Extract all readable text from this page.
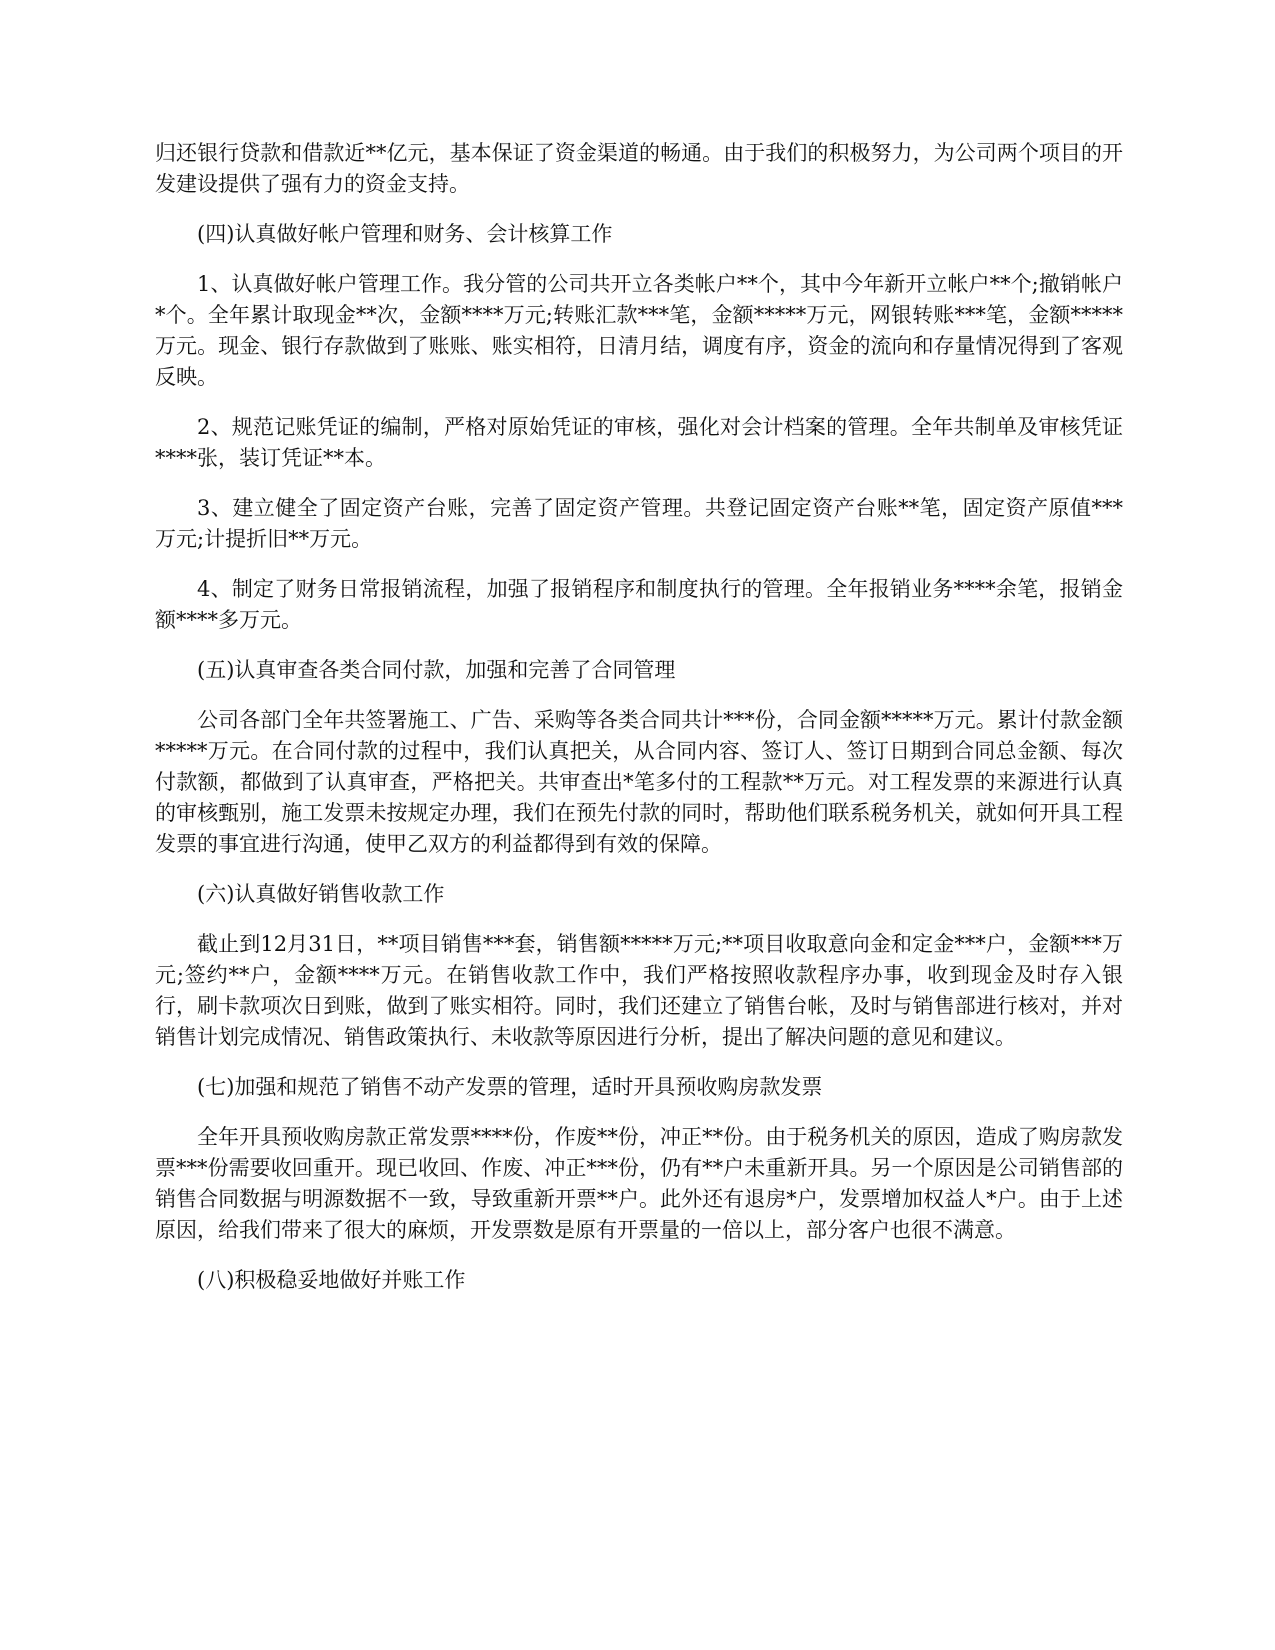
归还银行贷款和借款近**亿元，基本保证了资金渠道的畅通。由于我们的积极努力，为公司两个项目的开发建设提供了强有力的资金支持。

(四)认真做好帐户管理和财务、会计核算工作

1、认真做好帐户管理工作。我分管的公司共开立各类帐户**个，其中今年新开立帐户**个;撤销帐户*个。全年累计取现金**次，金额****万元;转账汇款***笔，金额*****万元，网银转账***笔，金额*****万元。现金、银行存款做到了账账、账实相符，日清月结，调度有序，资金的流向和存量情况得到了客观反映。

2、规范记账凭证的编制，严格对原始凭证的审核，强化对会计档案的管理。全年共制单及审核凭证****张，装订凭证**本。

3、建立健全了固定资产台账，完善了固定资产管理。共登记固定资产台账**笔，固定资产原值***万元;计提折旧**万元。

4、制定了财务日常报销流程，加强了报销程序和制度执行的管理。全年报销业务****余笔，报销金额****多万元。

(五)认真审查各类合同付款，加强和完善了合同管理

公司各部门全年共签署施工、广告、采购等各类合同共计***份，合同金额*****万元。累计付款金额*****万元。在合同付款的过程中，我们认真把关，从合同内容、签订人、签订日期到合同总金额、每次付款额，都做到了认真审查，严格把关。共审查出*笔多付的工程款**万元。对工程发票的来源进行认真的审核甄别，施工发票未按规定办理，我们在预先付款的同时，帮助他们联系税务机关，就如何开具工程发票的事宜进行沟通，使甲乙双方的利益都得到有效的保障。

(六)认真做好销售收款工作

截止到12月31日，**项目销售***套，销售额*****万元;**项目收取意向金和定金***户，金额***万元;签约**户，金额****万元。在销售收款工作中，我们严格按照收款程序办事，收到现金及时存入银行，刷卡款项次日到账，做到了账实相符。同时，我们还建立了销售台帐，及时与销售部进行核对，并对销售计划完成情况、销售政策执行、未收款等原因进行分析，提出了解决问题的意见和建议。

(七)加强和规范了销售不动产发票的管理，适时开具预收购房款发票

全年开具预收购房款正常发票****份，作废**份，冲正**份。由于税务机关的原因，造成了购房款发票***份需要收回重开。现已收回、作废、冲正***份，仍有**户未重新开具。另一个原因是公司销售部的销售合同数据与明源数据不一致，导致重新开票**户。此外还有退房*户，发票增加权益人*户。由于上述原因，给我们带来了很大的麻烦，开发票数是原有开票量的一倍以上，部分客户也很不满意。

(八)积极稳妥地做好并账工作
